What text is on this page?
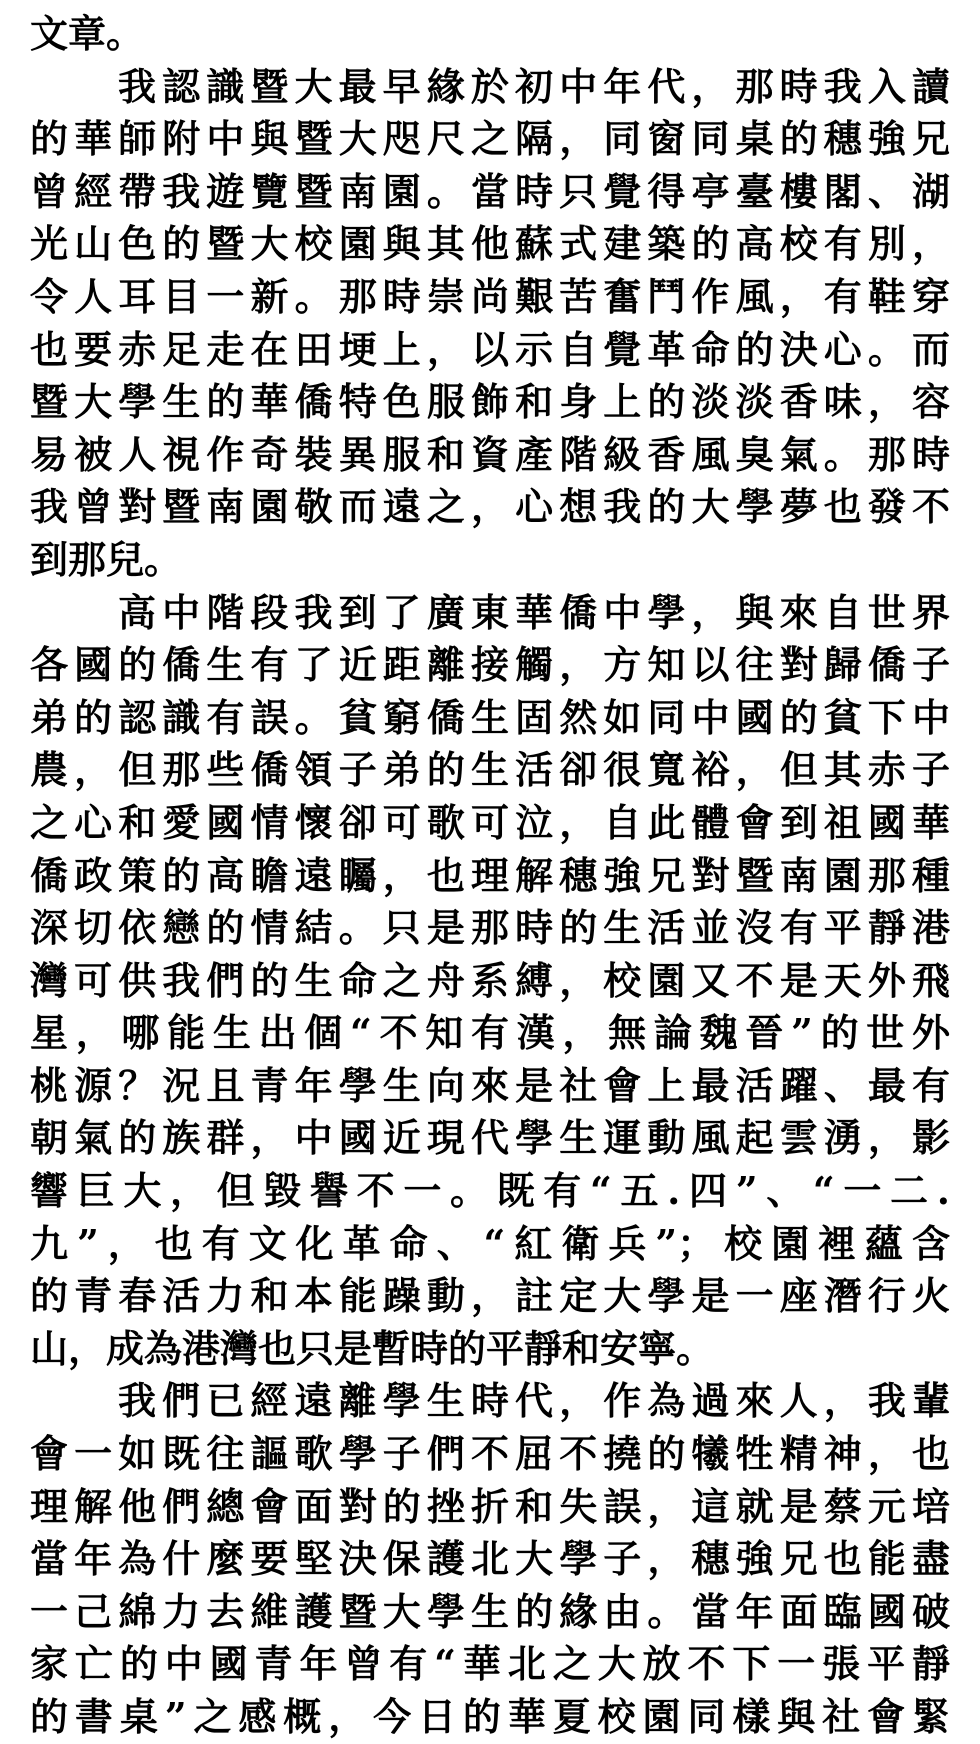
文章。
我認識暨大最早緣於初中年代，那時我入讀
的華師附中與暨大咫尺之隔，同窗同桌的穗強兄
曾經帶我遊覽暨南園。當時只覺得亭臺樓閣、湖
光山色的暨大校園與其他蘇式建築的高校有別，
令人耳目一新。那時崇尚艱苦奮鬥作風，有鞋穿
也要赤足走在田埂上，以示自覺革命的決心。而
暨大學生的華僑特色服飾和身上的淡淡香味，容
易被人視作奇裝異服和資產階級香風臭氣。那時
我曾對暨南園敬而遠之，心想我的大學夢也發不
到那兒。
高中階段我到了廣東華僑中學，與來自世界
各國的僑生有了近距離接觸，方知以往對歸僑子
弟的認識有誤。貧窮僑生固然如同中國的貧下中
農，但那些僑領子弟的生活卻很寬裕，但其赤子
之心和愛國情懷卻可歌可泣，自此體會到祖國華
僑政策的高瞻遠矚，也理解穗強兄對暨南園那種
深切依戀的情結。只是那時的生活並沒有平靜港
灣可供我們的生命之舟系縛，校園又不是天外飛
星，哪能生出個“不知有漢，無論魏晉”的世外
桃源？況且青年學生向來是社會上最活躍、最有
朝氣的族群，中國近現代學生運動風起雲湧，影
響巨大，但毀譽不一。既有“五.四”、“一二.
九”，也有文化革命、“紅衛兵”；校園裡蘊含
的青春活力和本能躁動，註定大學是一座潛行火
山，成為港灣也只是暫時的平靜和安寧。
我們已經遠離學生時代，作為過來人，我輩
會一如既往謳歌學子們不屈不撓的犧牲精神，也
理解他們總會面對的挫折和失誤，這就是蔡元培
當年為什麼要堅決保護北大學子，穗強兄也能盡
一己綿力去維護暨大學生的緣由。當年面臨國破
家亡的中國青年曾有“華北之大放不下一張平靜
的書桌”之感概，今日的華夏校園同樣與社會緊
